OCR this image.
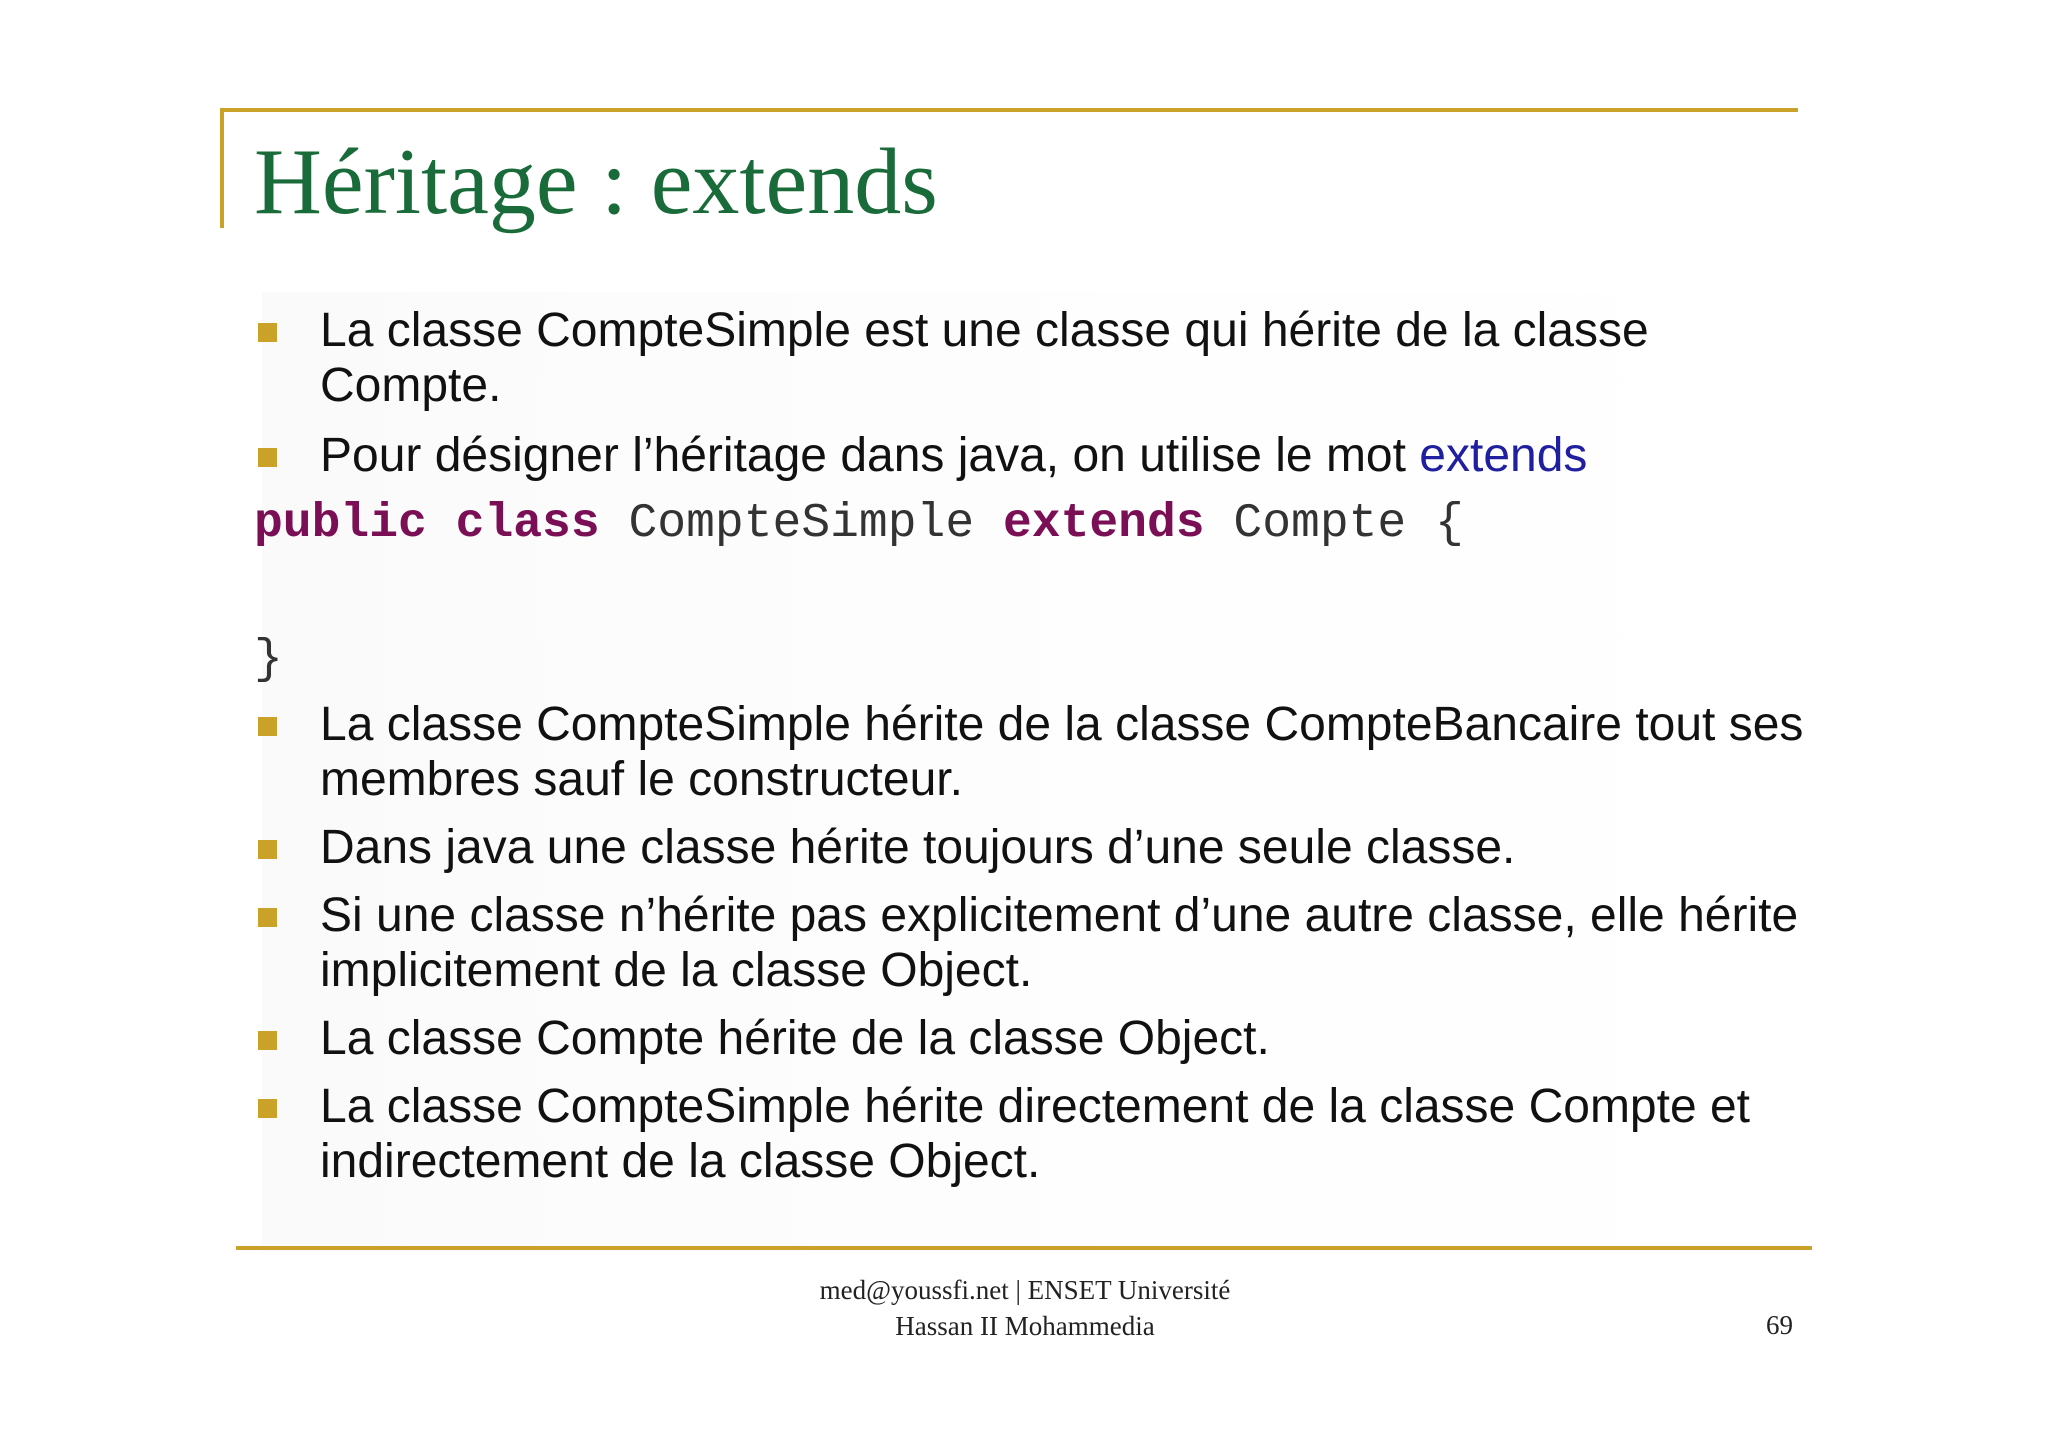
Héritage : extends
La classe CompteSimple est une classe qui hérite de la classe Compte.
Pour désigner l’héritage dans java, on utilise le mot extends
public class CompteSimple extends Compte {
}
La classe CompteSimple hérite de la classe CompteBancaire tout ses membres sauf le constructeur.
Dans java une classe hérite toujours d’une seule classe.
Si une classe n’hérite pas explicitement d’une autre classe, elle hérite implicitement de la classe Object.
La classe Compte hérite de la classe Object.
La classe CompteSimple hérite directement de la classe Compte et indirectement de la classe Object.
med@youssfi.net | ENSET Université
Hassan II Mohammedia	69
